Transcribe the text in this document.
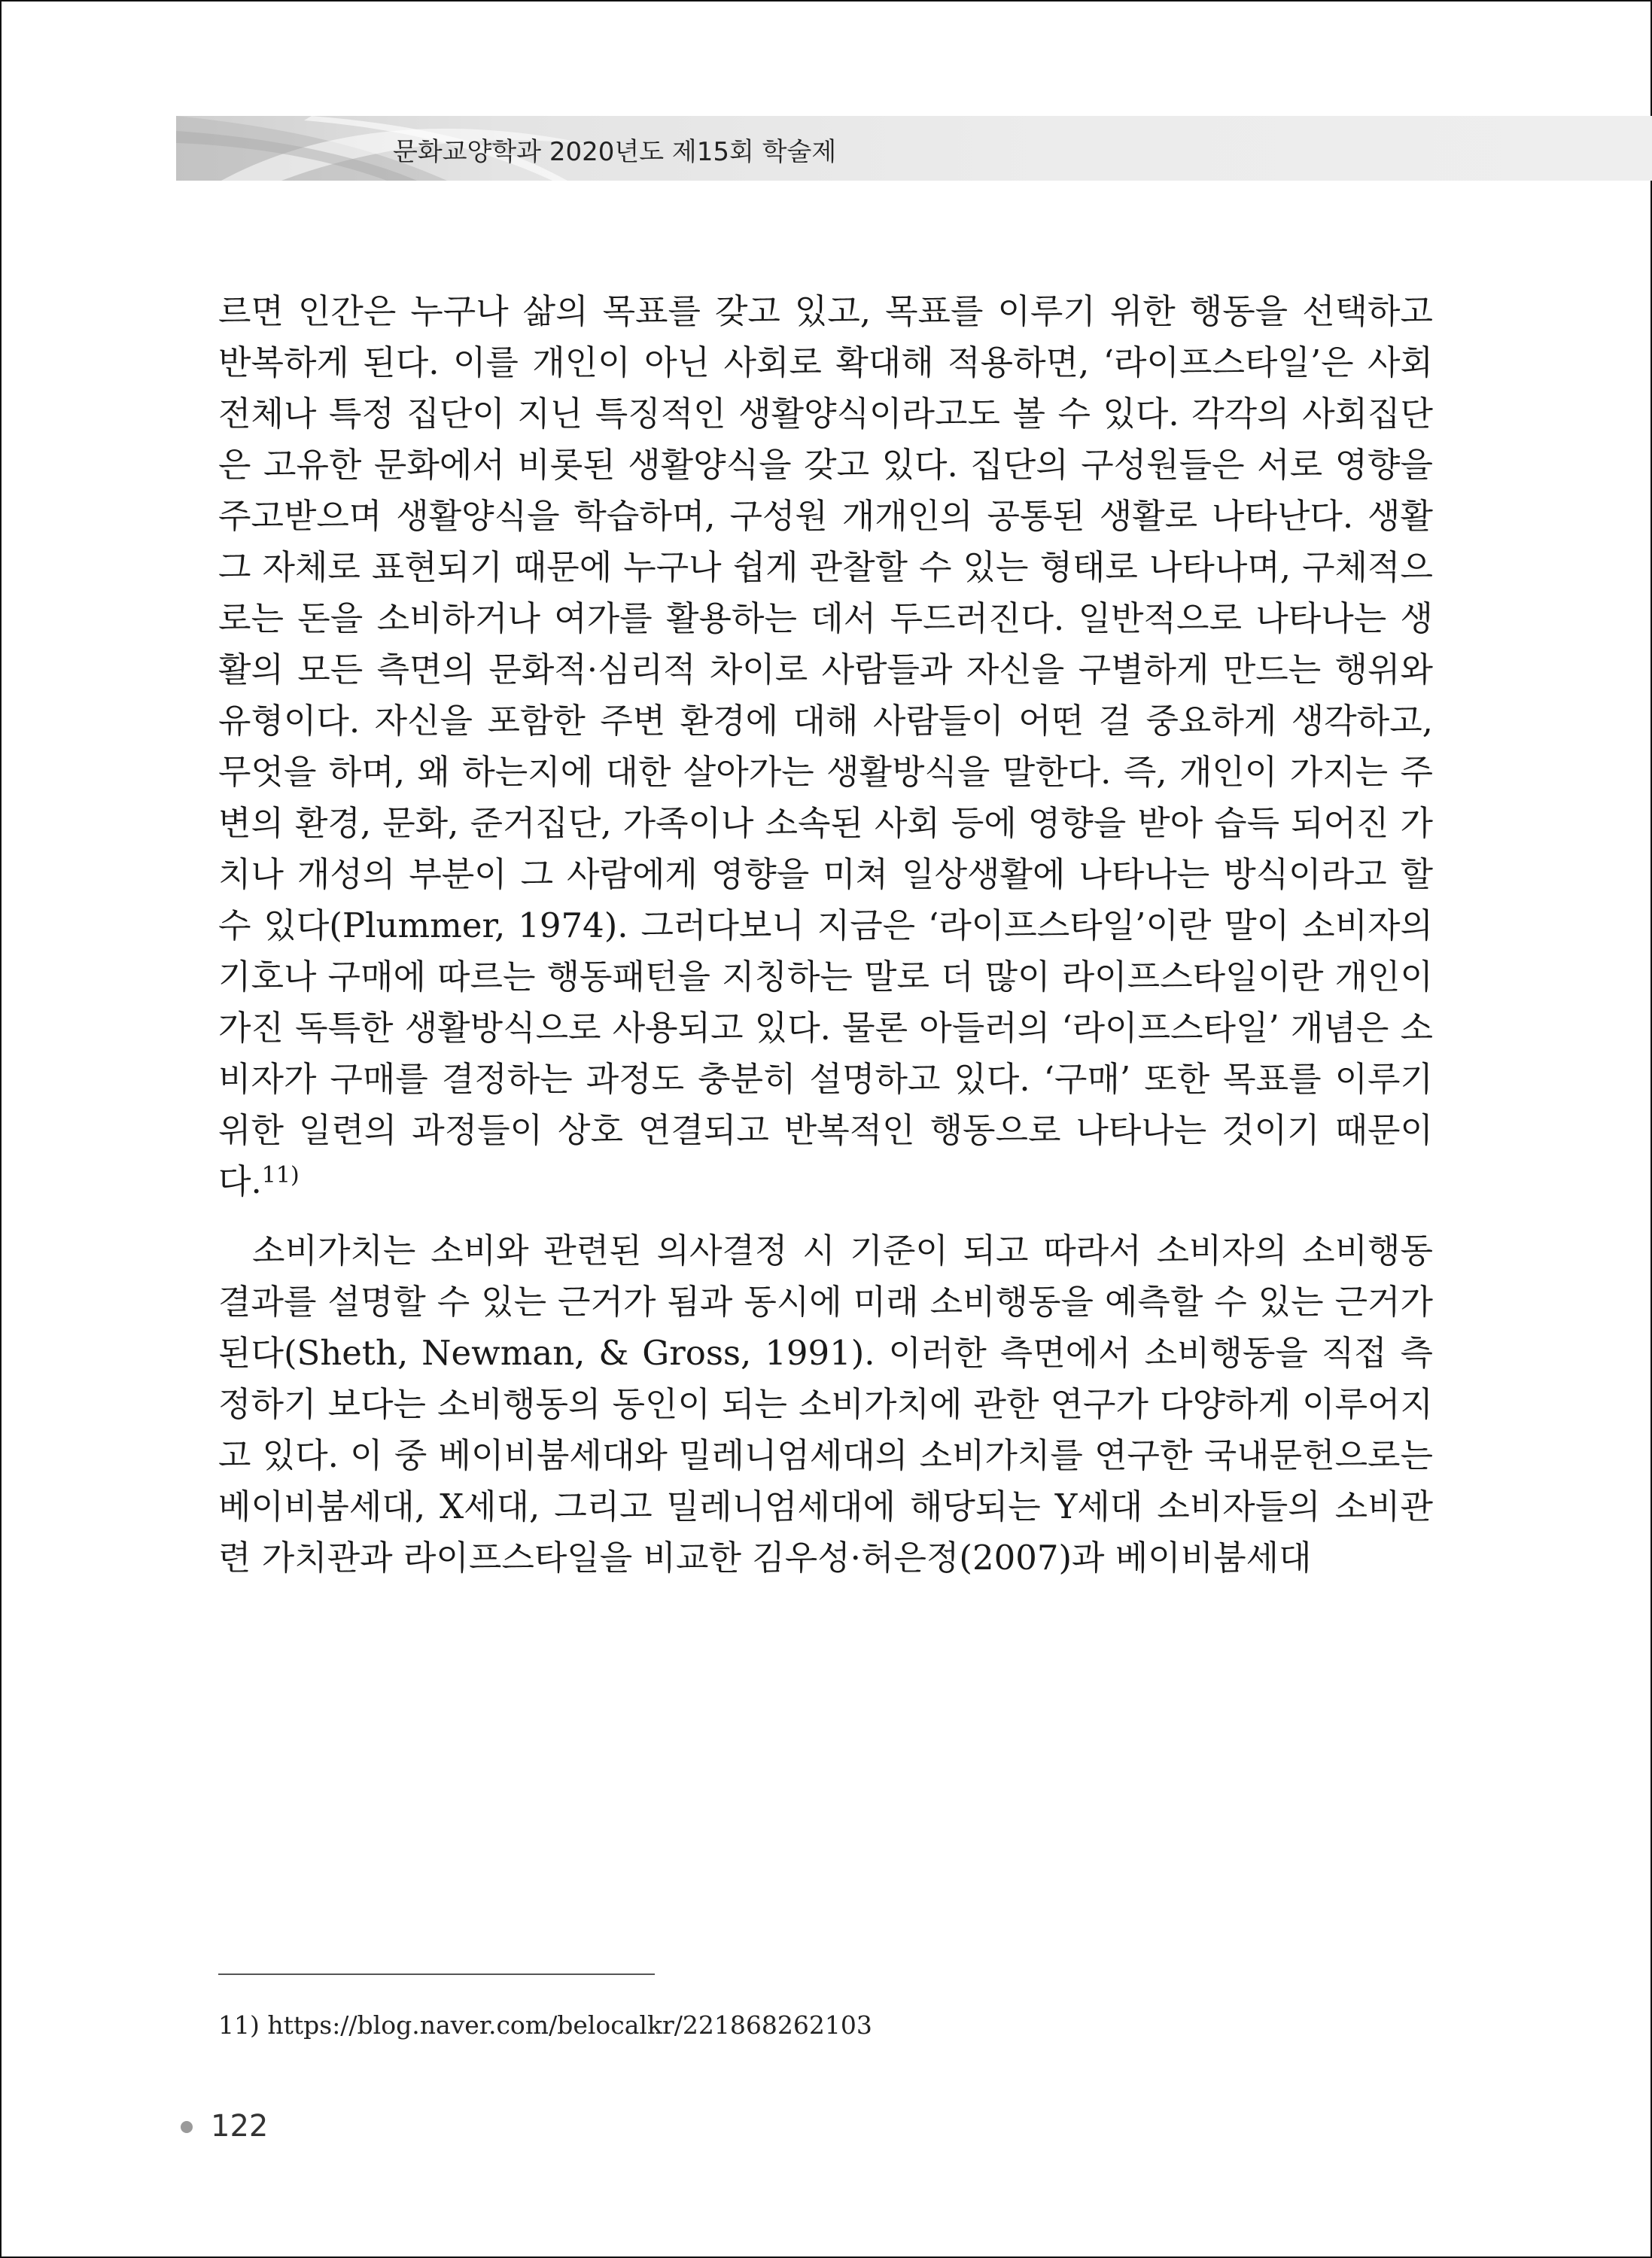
문화교양학과 2020년도 제15회 학술제

르면 인간은 누구나 삶의 목표를 갖고 있고, 목표를 이루기 위한 행동을 선택하고 반복하게 된다. 이를 개인이 아닌 사회로 확대해 적용하면, ‘라이프스타일’은 사회 전체나 특정 집단이 지닌 특징적인 생활양식이라고도 볼 수 있다. 각각의 사회집단은 고유한 문화에서 비롯된 생활양식을 갖고 있다. 집단의 구성원들은 서로 영향을 주고받으며 생활양식을 학습하며, 구성원 개개인의 공통된 생활로 나타난다. 생활 그 자체로 표현되기 때문에 누구나 쉽게 관찰할 수 있는 형태로 나타나며, 구체적으로는 돈을 소비하거나 여가를 활용하는 데서 두드러진다. 일반적으로 나타나는 생활의 모든 측면의 문화적·심리적 차이로 사람들과 자신을 구별하게 만드는 행위와 유형이다. 자신을 포함한 주변 환경에 대해 사람들이 어떤 걸 중요하게 생각하고, 무엇을 하며, 왜 하는지에 대한 살아가는 생활방식을 말한다. 즉, 개인이 가지는 주변의 환경, 문화, 준거집단, 가족이나 소속된 사회 등에 영향을 받아 습득 되어진 가치나 개성의 부분이 그 사람에게 영향을 미쳐 일상생활에 나타나는 방식이라고 할 수 있다(Plummer, 1974). 그러다보니 지금은 ‘라이프스타일’이란 말이 소비자의 기호나 구매에 따르는 행동패턴을 지칭하는 말로 더 많이 라이프스타일이란 개인이 가진 독특한 생활방식으로 사용되고 있다. 물론 아들러의 ‘라이프스타일’ 개념은 소비자가 구매를 결정하는 과정도 충분히 설명하고 있다. ‘구매’ 또한 목표를 이루기 위한 일련의 과정들이 상호 연결되고 반복적인 행동으로 나타나는 것이기 때문이다.$^{11)}$

소비가치는 소비와 관련된 의사결정 시 기준이 되고 따라서 소비자의 소비행동 결과를 설명할 수 있는 근거가 됨과 동시에 미래 소비행동을 예측할 수 있는 근거가 된다(Sheth, Newman, & Gross, 1991). 이러한 측면에서 소비행동을 직접 측정하기 보다는 소비행동의 동인이 되는 소비가치에 관한 연구가 다양하게 이루어지고 있다. 이 중 베이비붐세대와 밀레니엄세대의 소비가치를 연구한 국내문헌으로는 베이비붐세대, X세대, 그리고 밀레니엄세대에 해당되는 Y세대 소비자들의 소비관련 가치관과 라이프스타일을 비교한 김우성·허은정(2007)과 베이비붐세대

11) https://blog.naver.com/belocalkr/221868262103
122
